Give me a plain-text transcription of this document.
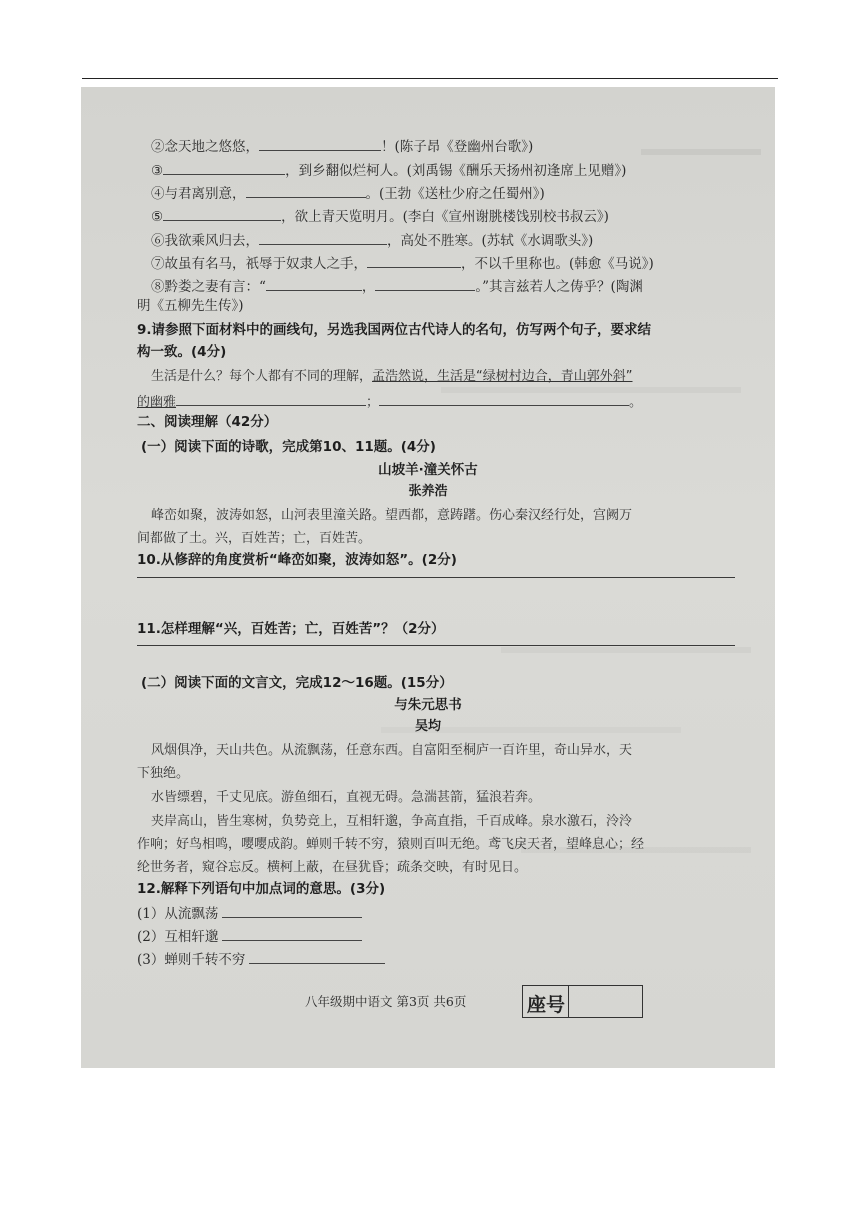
②念天地之悠悠，	！(陈子昂《登幽州台歌》)
③	，到乡翻似烂柯人。(刘禹锡《酬乐天扬州初逢席上见赠》)
④与君离别意，	。(王勃《送杜少府之任蜀州》)
⑤	，欲上青天览明月。(李白《宣州谢朓楼饯别校书叔云》)
⑥我欲乘风归去，	，高处不胜寒。(苏轼《水调歌头》)
⑦故虽有名马，祇辱于奴隶人之手，	，不以千里称也。(韩愈《马说》)
⑧黔娄之妻有言：“	，	。”其言兹若人之俦乎？(陶渊
明《五柳先生传》)
9.请参照下面材料中的画线句，另选我国两位古代诗人的名句，仿写两个句子，要求结
构一致。(4分)
生活是什么？每个人都有不同的理解，孟浩然说，生活是“绿树村边合，青山郭外斜”
的幽雅	；	。
二、阅读理解（42分）
(一）阅读下面的诗歌，完成第10、11题。(4分)
山坡羊·潼关怀古
张养浩
峰峦如聚，波涛如怒，山河表里潼关路。望西都，意踌躇。伤心秦汉经行处，宫阙万
间都做了土。兴，百姓苦；亡，百姓苦。
10.从修辞的角度赏析“峰峦如聚，波涛如怒”。(2分)
11.怎样理解“兴，百姓苦；亡，百姓苦”？（2分）
(二）阅读下面的文言文，完成12～16题。(15分）
与朱元思书
吴均
风烟俱净，天山共色。从流飘荡，任意东西。自富阳至桐庐一百许里，奇山异水，天
下独绝。
水皆缥碧，千丈见底。游鱼细石，直视无碍。急湍甚箭，猛浪若奔。
夹岸高山，皆生寒树，负势竞上，互相轩邈，争高直指，千百成峰。泉水激石，泠泠
作响；好鸟相鸣，嘤嘤成韵。蝉则千转不穷，猿则百叫无绝。鸢飞戾天者，望峰息心；经
纶世务者，窥谷忘反。横柯上蔽，在昼犹昏；疏条交映，有时见日。
12.解释下列语句中加点词的意思。(3分)
(1）从流飘荡
(2）互相轩邈
(3）蝉则千转不穷
八年级期中语文 第3页 共6页	座号
